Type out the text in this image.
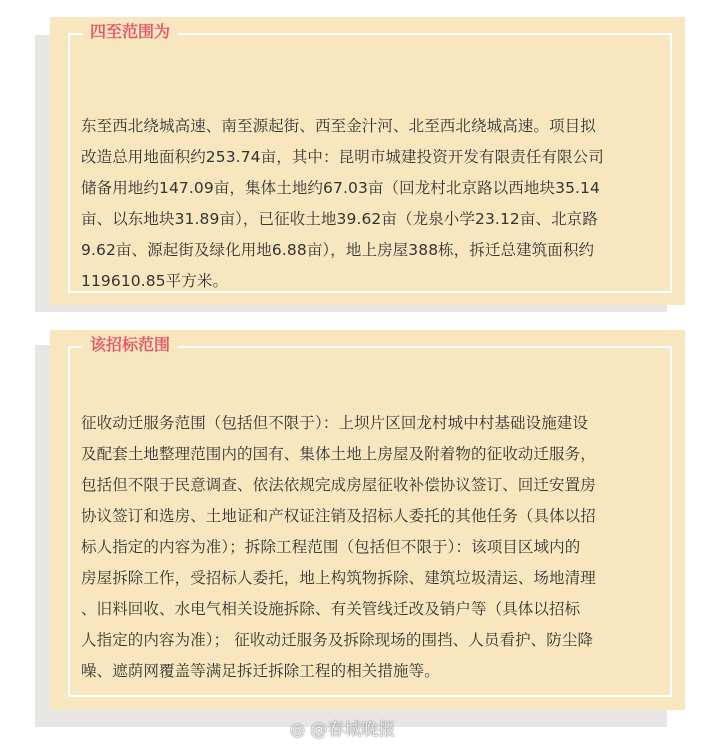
四至范围为
东至西北绕城高速、南至源起街、西至金汁河、北至西北绕城高速。项目拟
改造总用地面积约253.74亩，其中：昆明市城建投资开发有限责任有限公司
储备用地约147.09亩，集体土地约67.03亩（回龙村北京路以西地块35.14
亩、以东地块31.89亩），已征收土地39.62亩（龙泉小学23.12亩、北京路
9.62亩、源起街及绿化用地6.88亩），地上房屋388栋，拆迁总建筑面积约
119610.85平方米。
该招标范围
征收动迁服务范围（包括但不限于）：上坝片区回龙村城中村基础设施建设
及配套土地整理范围内的国有、集体土地上房屋及附着物的征收动迁服务，
包括但不限于民意调查、依法依规完成房屋征收补偿协议签订、回迁安置房
协议签订和选房、土地证和产权证注销及招标人委托的其他任务（具体以招
标人指定的内容为准）；拆除工程范围（包括但不限于）：该项目区域内的
房屋拆除工作，受招标人委托，地上构筑物拆除、建筑垃圾清运、场地清理
、旧料回收、水电气相关设施拆除、有关管线迁改及销户等（具体以招标
人指定的内容为准）； 征收动迁服务及拆除现场的围挡、人员看护、防尘降
噪、遮荫网覆盖等满足拆迁拆除工程的相关措施等。
◎ @春城晚报
